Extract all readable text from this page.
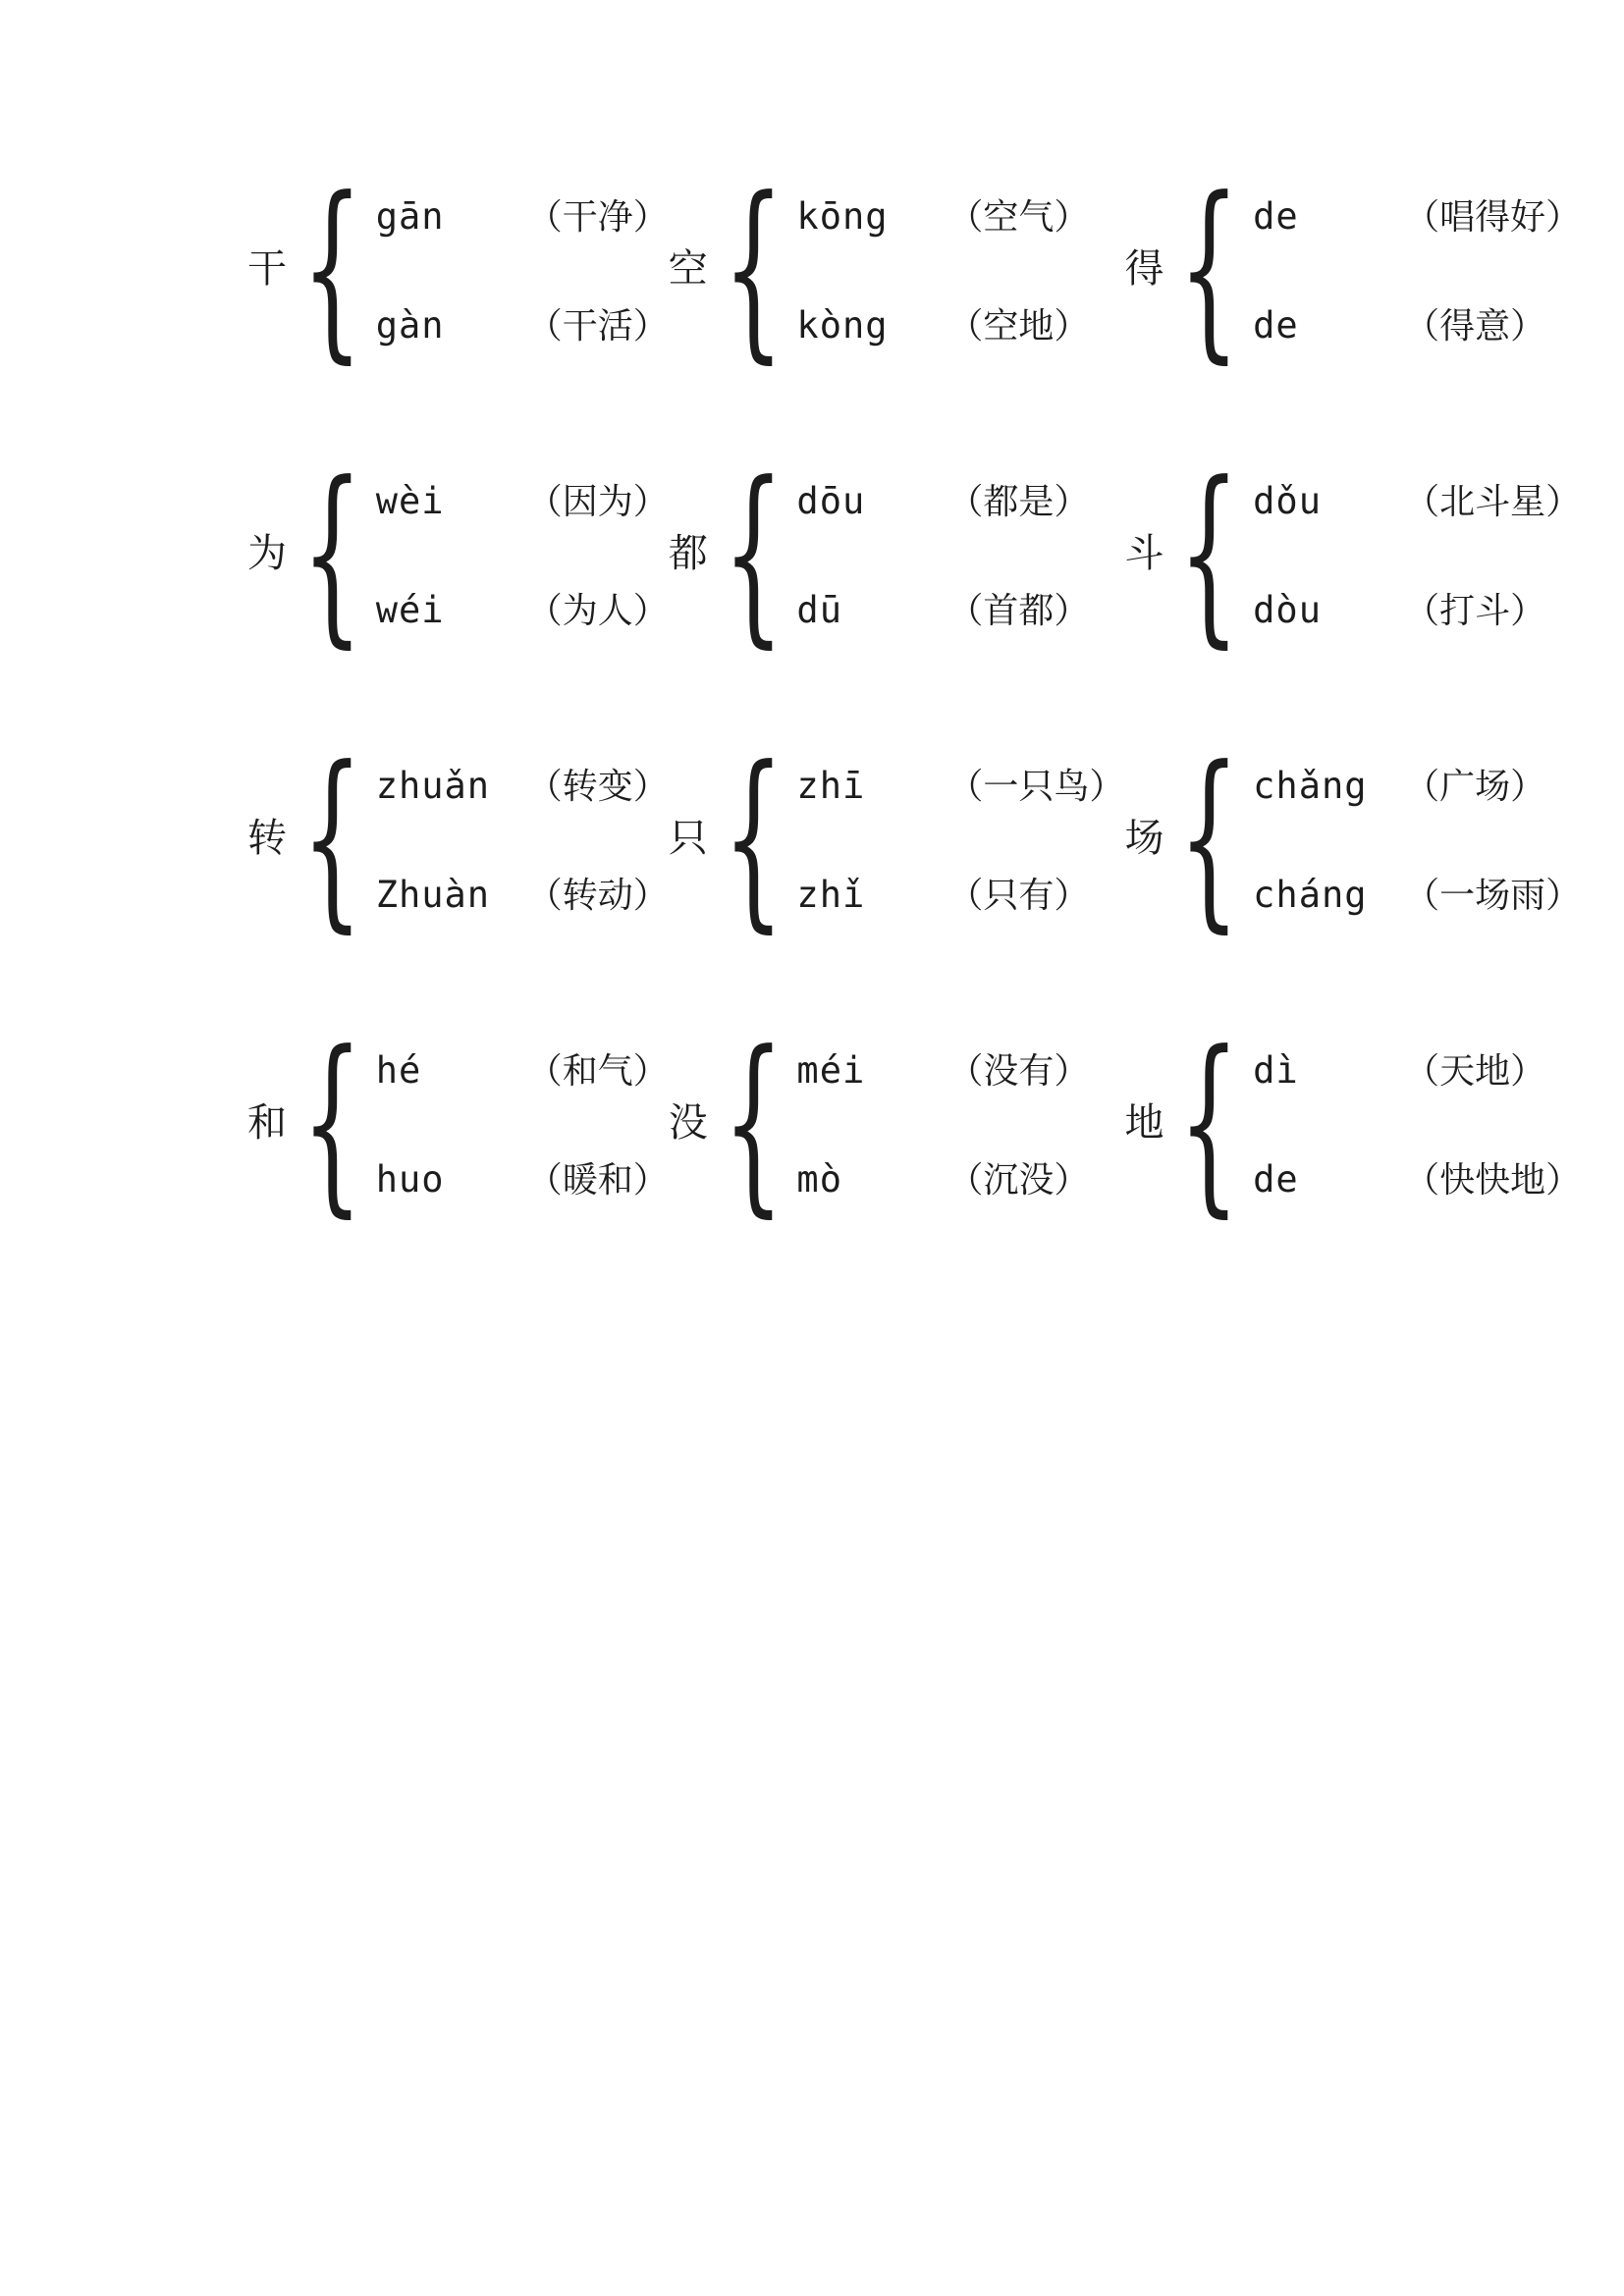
干 { gān	（干净）
gàn	（干活）
空 { kōng	（空气）
kòng	（空地）
得 { de	（唱得好）
de	（得意）
为 { wèi	（因为）
wéi	（为人）
都 { dōu	（都是）
dū	（首都）
斗 { dǒu	（北斗星）
dòu	（打斗）
转 { zhuǎn	（转变）
Zhuàn	（转动）
只 { zhī	（一只鸟）
zhǐ	（只有）
场 { chǎng	（广场）
cháng	（一场雨）
和 { hé	（和气）
huo	（暖和）
没 { méi	（没有）
mò	（沉没）
地 { dì	（天地）
de	（快快地）
